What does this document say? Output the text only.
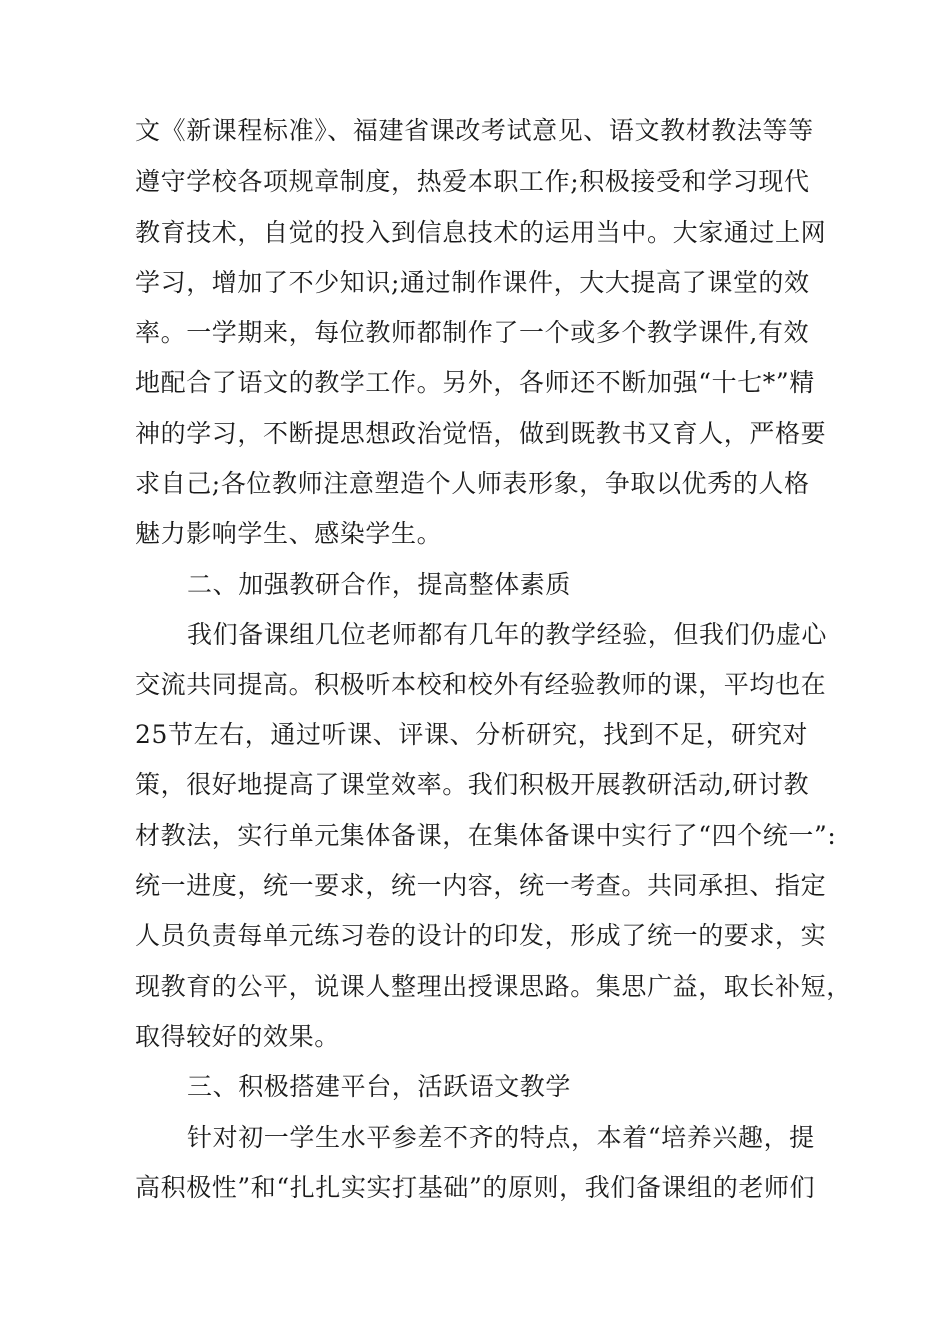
文《新课程标准》、福建省课改考试意见、语文教材教法等等
遵守学校各项规章制度，热爱本职工作;积极接受和学习现代
教育技术，自觉的投入到信息技术的运用当中。大家通过上网
学习，增加了不少知识;通过制作课件，大大提高了课堂的效
率。一学期来，每位教师都制作了一个或多个教学课件,有效
地配合了语文的教学工作。另外，各师还不断加强“十七*”精
神的学习，不断提思想政治觉悟，做到既教书又育人，严格要
求自己;各位教师注意塑造个人师表形象，争取以优秀的人格
魅力影响学生、感染学生。
二、加强教研合作，提高整体素质
我们备课组几位老师都有几年的教学经验，但我们仍虚心
交流共同提高。积极听本校和校外有经验教师的课，平均也在
25节左右，通过听课、评课、分析研究，找到不足，研究对
策，很好地提高了课堂效率。我们积极开展教研活动,研讨教
材教法，实行单元集体备课，在集体备课中实行了“四个统一”:
统一进度，统一要求，统一内容，统一考查。共同承担、指定
人员负责每单元练习卷的设计的印发，形成了统一的要求，实
现教育的公平，说课人整理出授课思路。集思广益，取长补短，
取得较好的效果。
三、积极搭建平台，活跃语文教学
针对初一学生水平参差不齐的特点，本着“培养兴趣，提
高积极性”和“扎扎实实打基础”的原则，我们备课组的老师们
